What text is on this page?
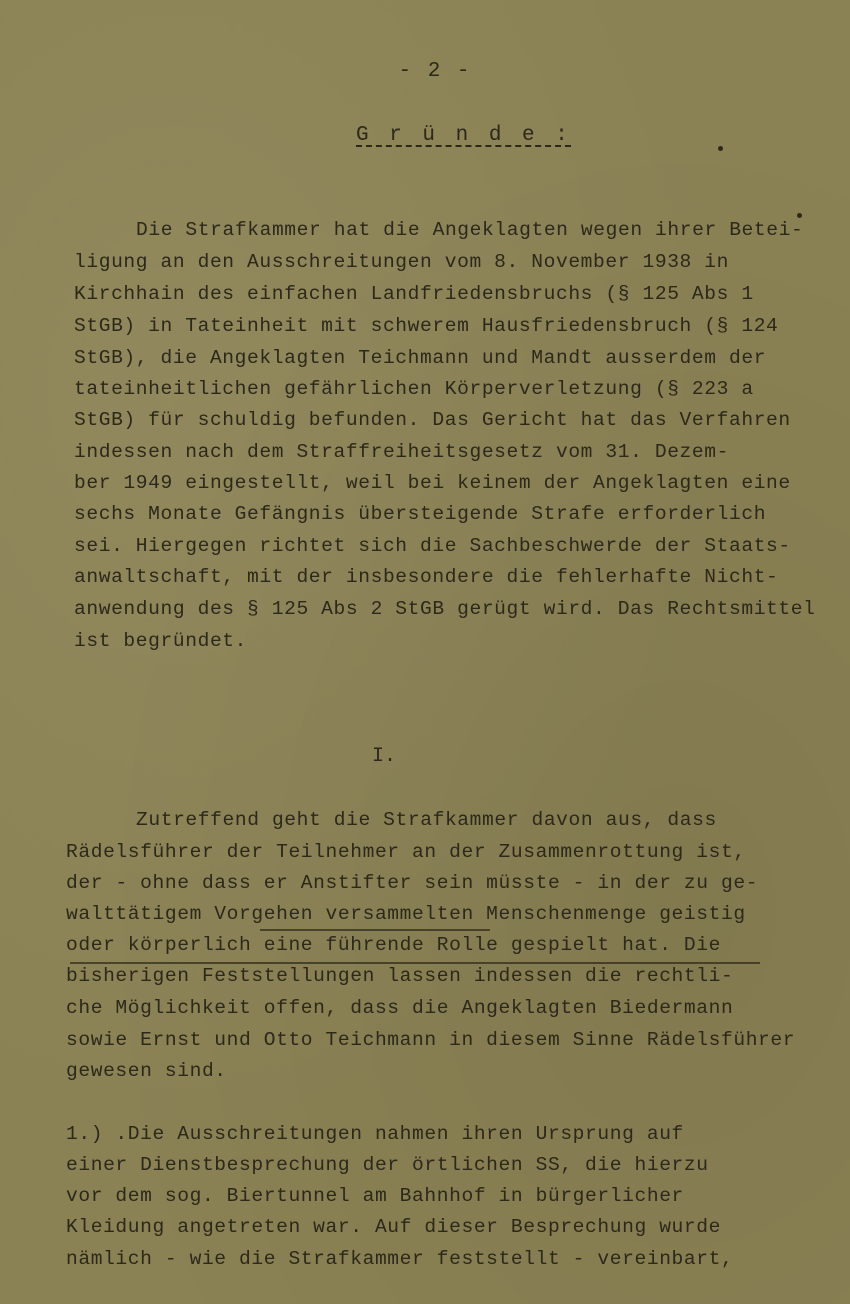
- 2 -
G r ü n d e :
Die Strafkammer hat die Angeklagten wegen ihrer Betei-
ligung an den Ausschreitungen vom 8. November 1938 in
Kirchhain des einfachen Landfriedensbruchs (§ 125 Abs 1
StGB) in Tateinheit mit schwerem Hausfriedensbruch (§ 124
StGB), die Angeklagten Teichmann und Mandt ausserdem der
tateinheitlichen gefährlichen Körperverletzung (§ 223 a
StGB) für schuldig befunden. Das Gericht hat das Verfahren
indessen nach dem Straffreiheitsgesetz vom 31. Dezem-
ber 1949 eingestellt, weil bei keinem der Angeklagten eine
sechs Monate Gefängnis übersteigende Strafe erforderlich
sei. Hiergegen richtet sich die Sachbeschwerde der Staats-
anwaltschaft, mit der insbesondere die fehlerhafte Nicht-
anwendung des § 125 Abs 2 StGB gerügt wird. Das Rechtsmittel
ist begründet.
I.
Zutreffend geht die Strafkammer davon aus, dass
Rädelsführer der Teilnehmer an der Zusammenrottung ist,
der - ohne dass er Anstifter sein müsste - in der zu ge-
walttätigem Vorgehen versammelten Menschenmenge geistig
oder körperlich eine führende Rolle gespielt hat. Die
bisherigen Feststellungen lassen indessen die rechtli-
che Möglichkeit offen, dass die Angeklagten Biedermann
sowie Ernst und Otto Teichmann in diesem Sinne Rädelsführer
gewesen sind.
1.) .Die Ausschreitungen nahmen ihren Ursprung auf
einer Dienstbesprechung der örtlichen SS, die hierzu
vor dem sog. Biertunnel am Bahnhof in bürgerlicher
Kleidung angetreten war. Auf dieser Besprechung wurde
nämlich - wie die Strafkammer feststellt - vereinbart,
